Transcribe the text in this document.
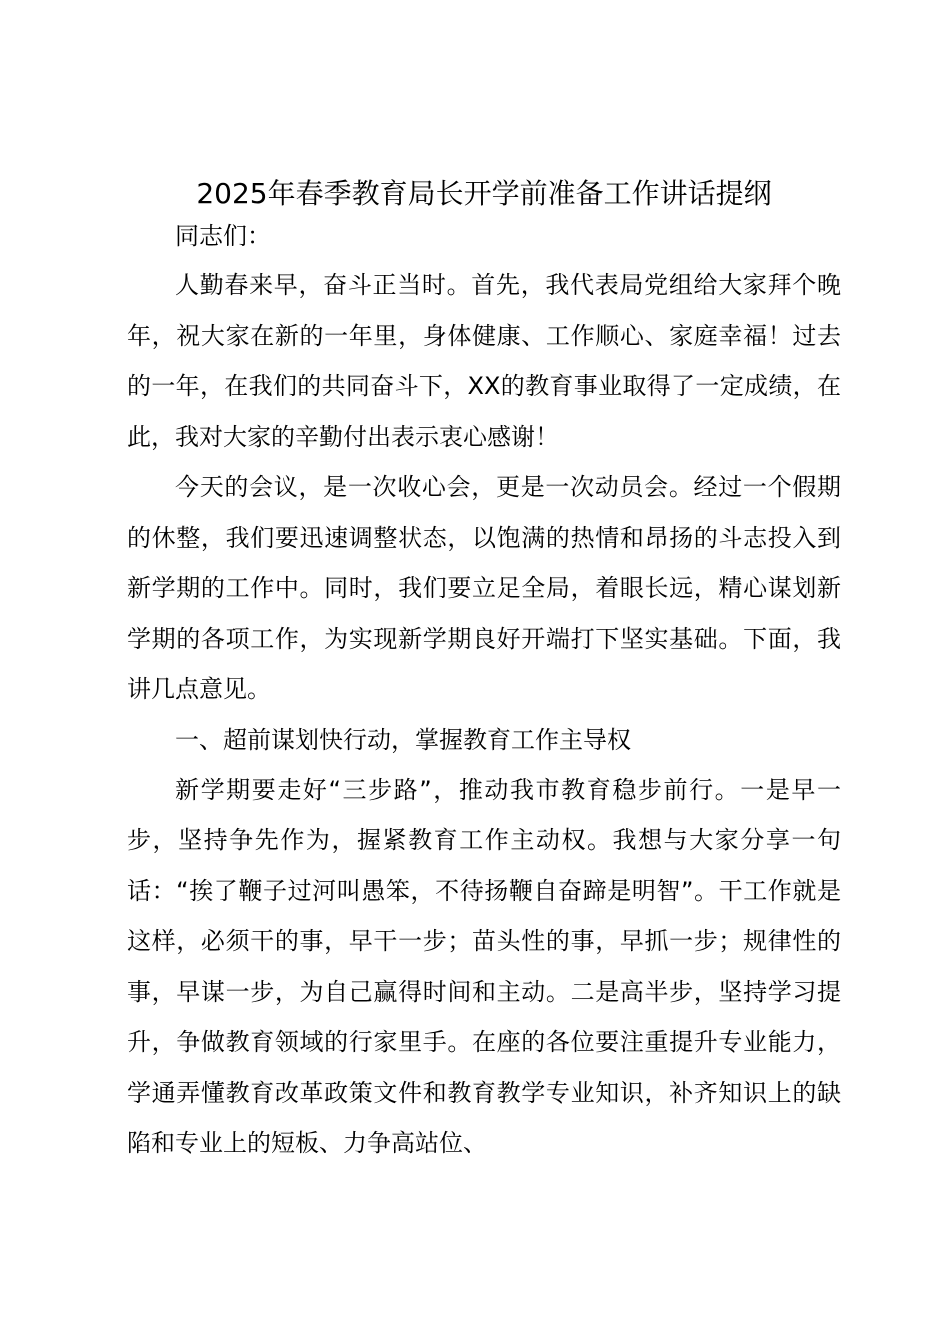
2025年春季教育局长开学前准备工作讲话提纲

同志们：

人勤春来早，奋斗正当时。首先，我代表局党组给大家拜个晚年，祝大家在新的一年里，身体健康、工作顺心、家庭幸福！过去的一年，在我们的共同奋斗下，XX的教育事业取得了一定成绩，在此，我对大家的辛勤付出表示衷心感谢！

今天的会议，是一次收心会，更是一次动员会。经过一个假期的休整，我们要迅速调整状态，以饱满的热情和昂扬的斗志投入到新学期的工作中。同时，我们要立足全局，着眼长远，精心谋划新学期的各项工作，为实现新学期良好开端打下坚实基础。下面，我讲几点意见。

一、超前谋划快行动，掌握教育工作主导权

新学期要走好“三步路”，推动我市教育稳步前行。一是早一步，坚持争先作为，握紧教育工作主动权。我想与大家分享一句话：“挨了鞭子过河叫愚笨，不待扬鞭自奋蹄是明智”。干工作就是这样，必须干的事，早干一步；苗头性的事，早抓一步；规律性的事，早谋一步，为自己赢得时间和主动。二是高半步，坚持学习提升，争做教育领域的行家里手。在座的各位要注重提升专业能力，学通弄懂教育改革政策文件和教育教学专业知识，补齐知识上的缺陷和专业上的短板、力争高站位、
